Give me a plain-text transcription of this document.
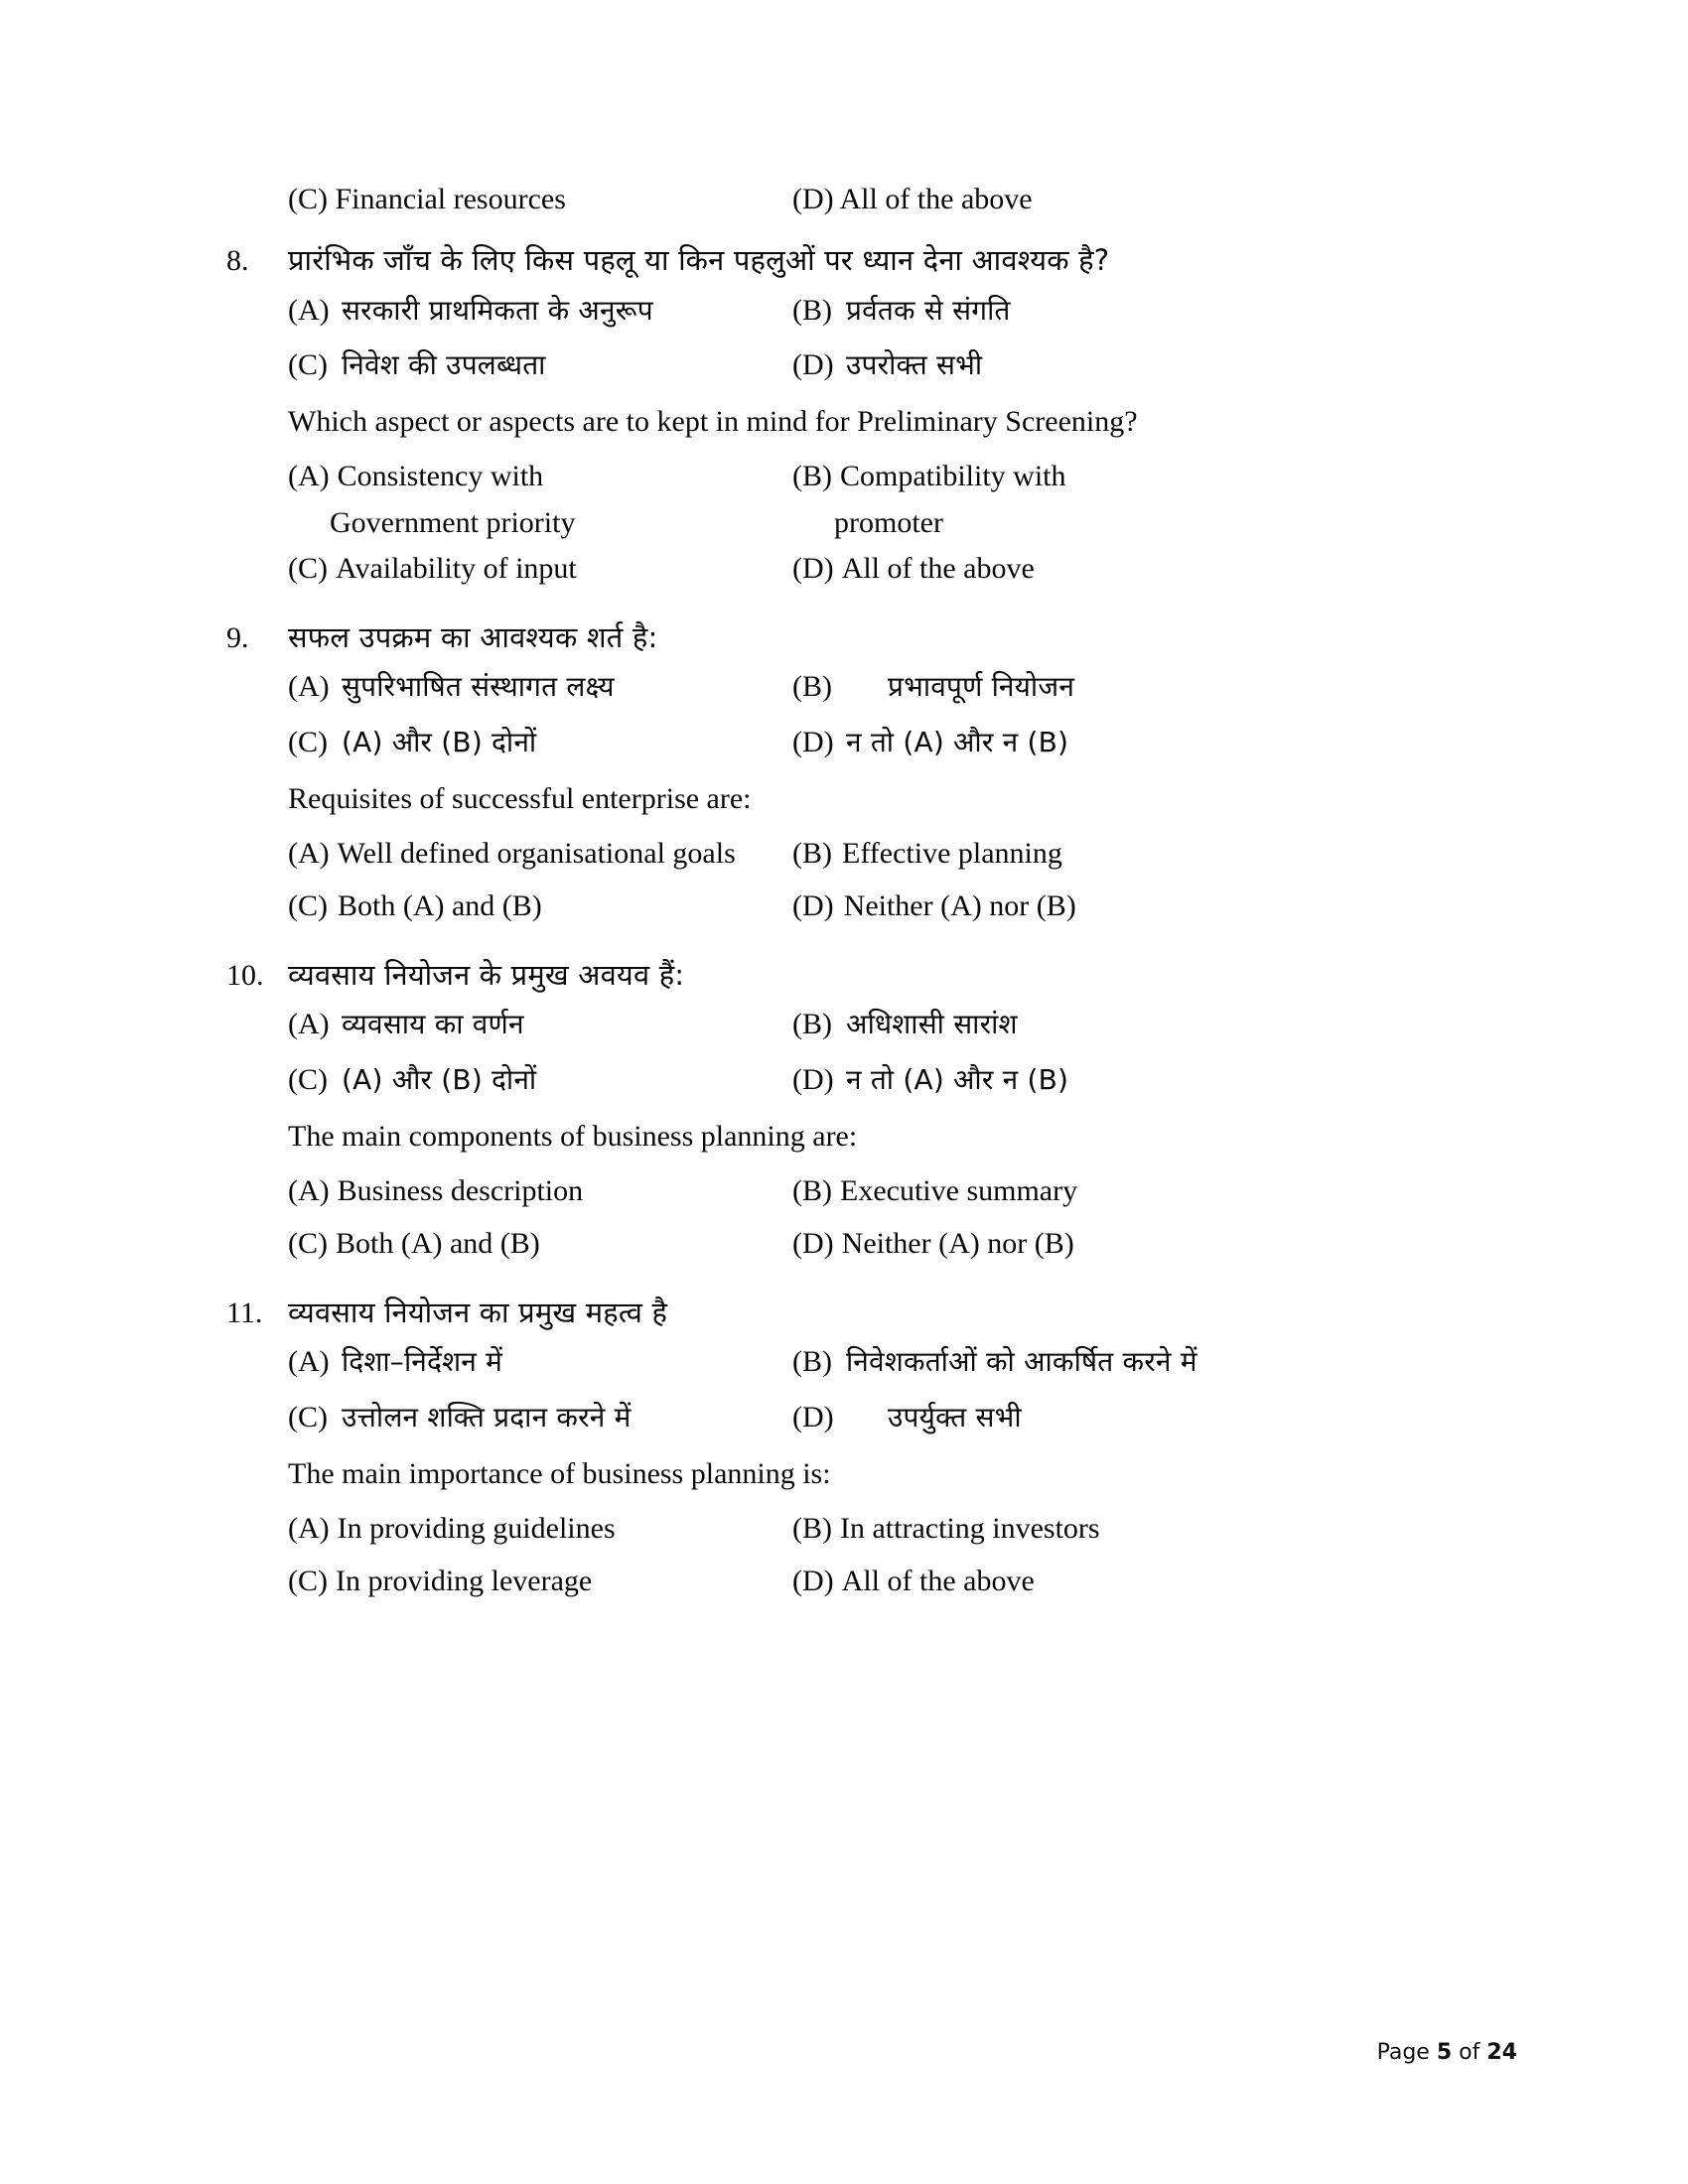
(C) Financial resources	(D) All of the above
8.	प्रारंभिक जाँच के लिए किस पहलू या किन पहलुओं पर ध्यान देना आवश्यक है?
(A) सरकारी प्राथमिकता के अनुरूप	(B) प्रर्वतक से संगति
(C) निवेश की उपलब्धता	(D) उपरोक्त सभी
Which aspect or aspects are to kept in mind for Preliminary Screening?
(A) Consistency with	(B) Compatibility with
Government priority	promoter
(C) Availability of input	(D) All of the above
9.	सफल उपक्रम का आवश्यक शर्त है:
(A) सुपरिभाषित संस्थागत लक्ष्य	(B)	प्रभावपूर्ण नियोजन
(C) (A) और (B) दोनों	(D) न तो (A) और न (B)
Requisites of successful enterprise are:
(A) Well defined organisational goals (B) Effective planning
(C) Both (A) and (B)	(D) Neither (A) nor (B)
10. व्यवसाय नियोजन के प्रमुख अवयव हैं:
(A) व्यवसाय का वर्णन	(B) अधिशासी सारांश
(C) (A) और (B) दोनों	(D) न तो (A) और न (B)
The main components of business planning are:
(A) Business description	(B) Executive summary
(C) Both (A) and (B)	(D) Neither (A) nor (B)
11. व्यवसाय नियोजन का प्रमुख महत्व है
(A) दिशा–निर्देशन में	(B) निवेशकर्ताओं को आकर्षित करने में
(C) उत्तोलन शक्ति प्रदान करने में	(D)	उपर्युक्त सभी
The main importance of business planning is:
(A) In providing guidelines	(B) In attracting investors
(C) In providing leverage	(D) All of the above
Page 5 of 24
